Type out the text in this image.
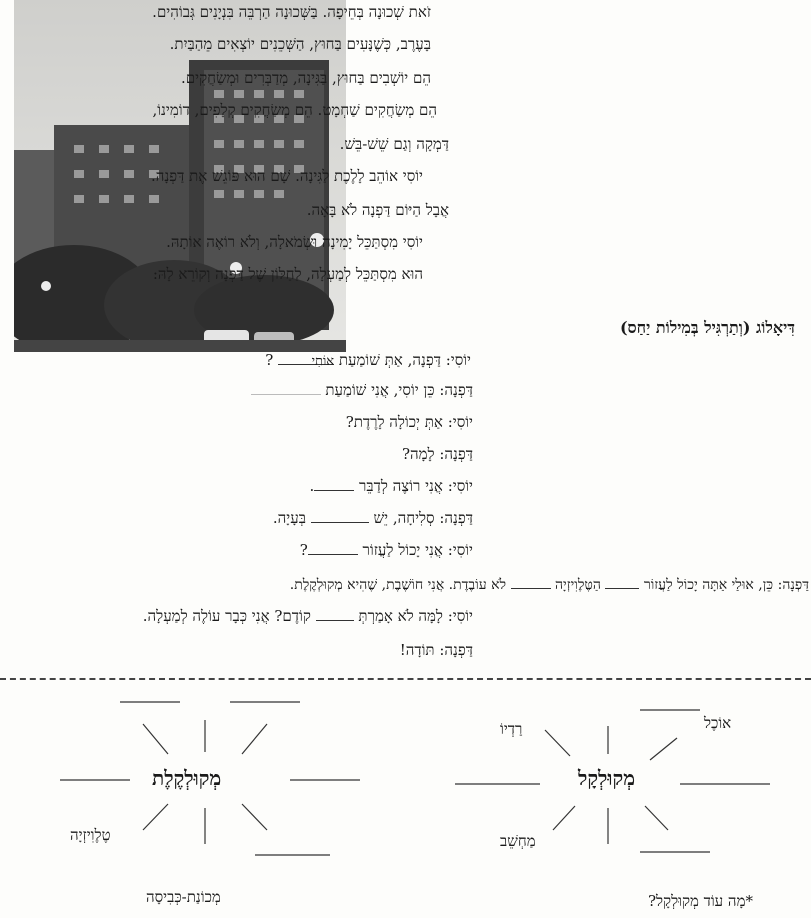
זֹאת שְׁכוּנָה בְּחֵיפָה. בַּשְּׁכוּנָה הַרְבֵּה בִּנְיָנִים גְּבוֹהִים.
בָּעֶרֶב, כְּשֶׁנָּעִים בַּחוּץ, הַשְּׁכֵנִים יוֹצְאִים מֵהַבַּיִת.
הֵם יוֹשְׁבִים בַּחוּץ, בַּגִּינָה, מְדַבְּרִים וּמְשַׂחֲקִים.
הֵם מְשַׂחֲקִים שַׁחְמָט. הֵם מְשַׂחֲקִים קְלָפִים, דוֹמִינוֹ,
דַּמְקָה וְגַם שֵׁשׁ-בֵּשׁ.
יוֹסִי אוֹהֵב לָלֶכֶת לַגִּינָה. שָׁם הוּא פּוֹגֵשׁ אֶת דַּפְנָה.
אֲבָל הַיּוֹם דַּפְנָה לֹא בָּאָה.
יוֹסִי מִסְתַּכֵּל יָמִינָה וּשְׂמֹאלָה, וְלֹא רוֹאֶה אוֹתָהּ.
הוּא מִסְתַּכֵּל לְמַעְלָה, לַחַלּוֹן שֶׁל דַּפְנָה וְקוֹרֵא לָהּ:
דִּיאָלוֹג (וְתַרְגִּיל בְּמִילוֹת יַחַס)
יוֹסִי: דַּפְנָה, אַתְּ שׁוֹמַעַת אוֹתִי ?
דַּפְנָה: כֵּן יוֹסִי, אֲנִי שׁוֹמַעַת
יוֹסִי: אַתְּ יְכוֹלָה לָרֶדֶת?
דַּפְנָה: לָמָה?
יוֹסִי: אֲנִי רוֹצֶה לְדַבֵּר .
דַּפְנָה: סְלִיחָה, יֵשׁ  בְּעָיָה.
יוֹסִי: אֲנִי יָכוֹל לַעֲזוֹר ?
דַּפְנָה: כֵּן, אוּלַי אַתָּה יָכוֹל לַעֲזוֹר  הַטֶּלֶוִיזְיָה  לֹא עוֹבֶדֶת. אֲנִי חוֹשֶׁבֶת, שֶׁהִיא מְקוּלְקֶלֶת.
יוֹסִי: לָמָּה לֹא אָמַרְתְּ  קוֹדֶם? אֲנִי כְּבָר עוֹלֶה לְמַעְלָה.
דַּפְנָה: תּוֹדָה!
מְקוּלְקֶלֶת
טֶלֶוִיזְיָה
מְכוֹנַת-כְּבִיסָה
מְקוּלְקָל
אוֹכֶל
רַדְיוֹ
מַחְשֵׁב
*מָה עוֹד מְקוּלְקָל?
